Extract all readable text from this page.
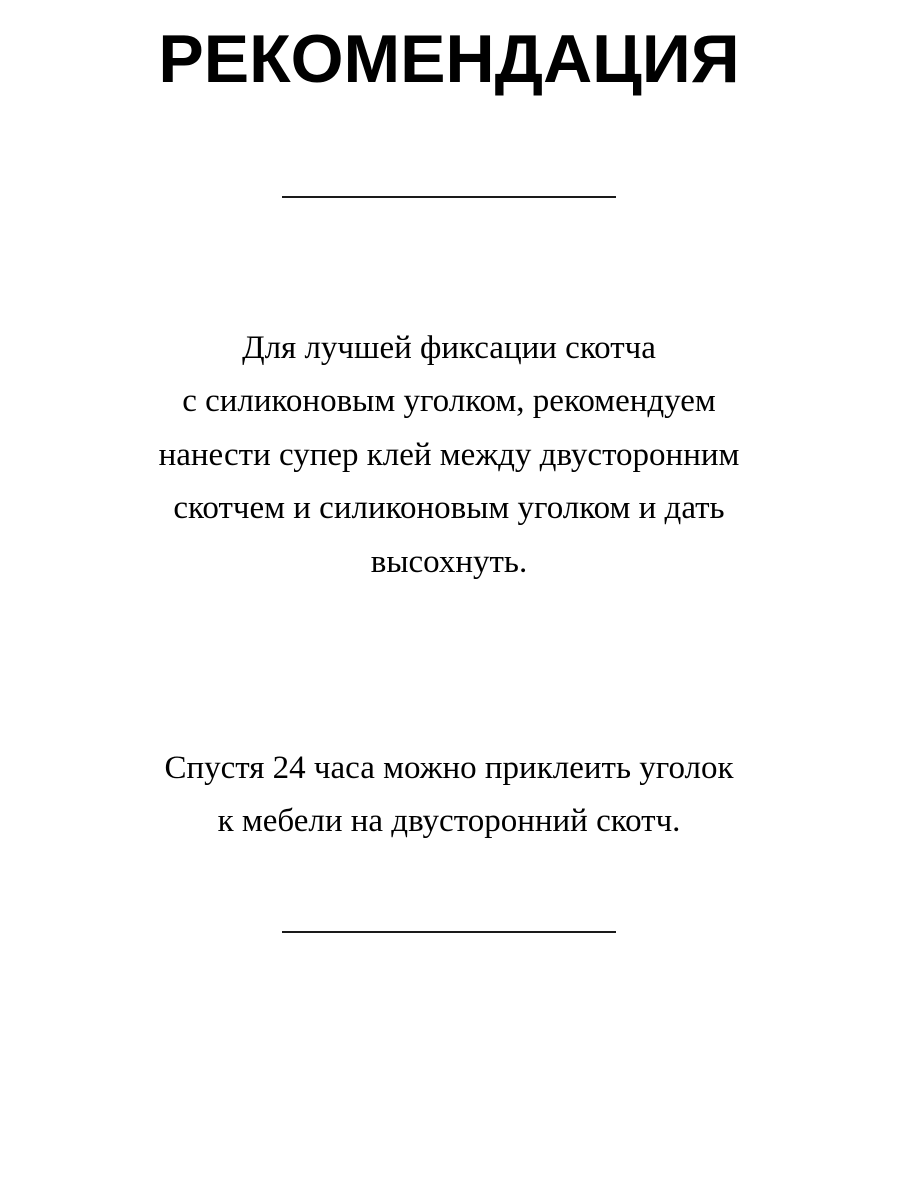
РЕКОМЕНДАЦИЯ
Для лучшей фиксации скотча
с силиконовым уголком, рекомендуем
нанести супер клей между двусторонним
скотчем и силиконовым уголком и дать
высохнуть.
Спустя 24 часа можно приклеить уголок
к мебели на двусторонний скотч.
